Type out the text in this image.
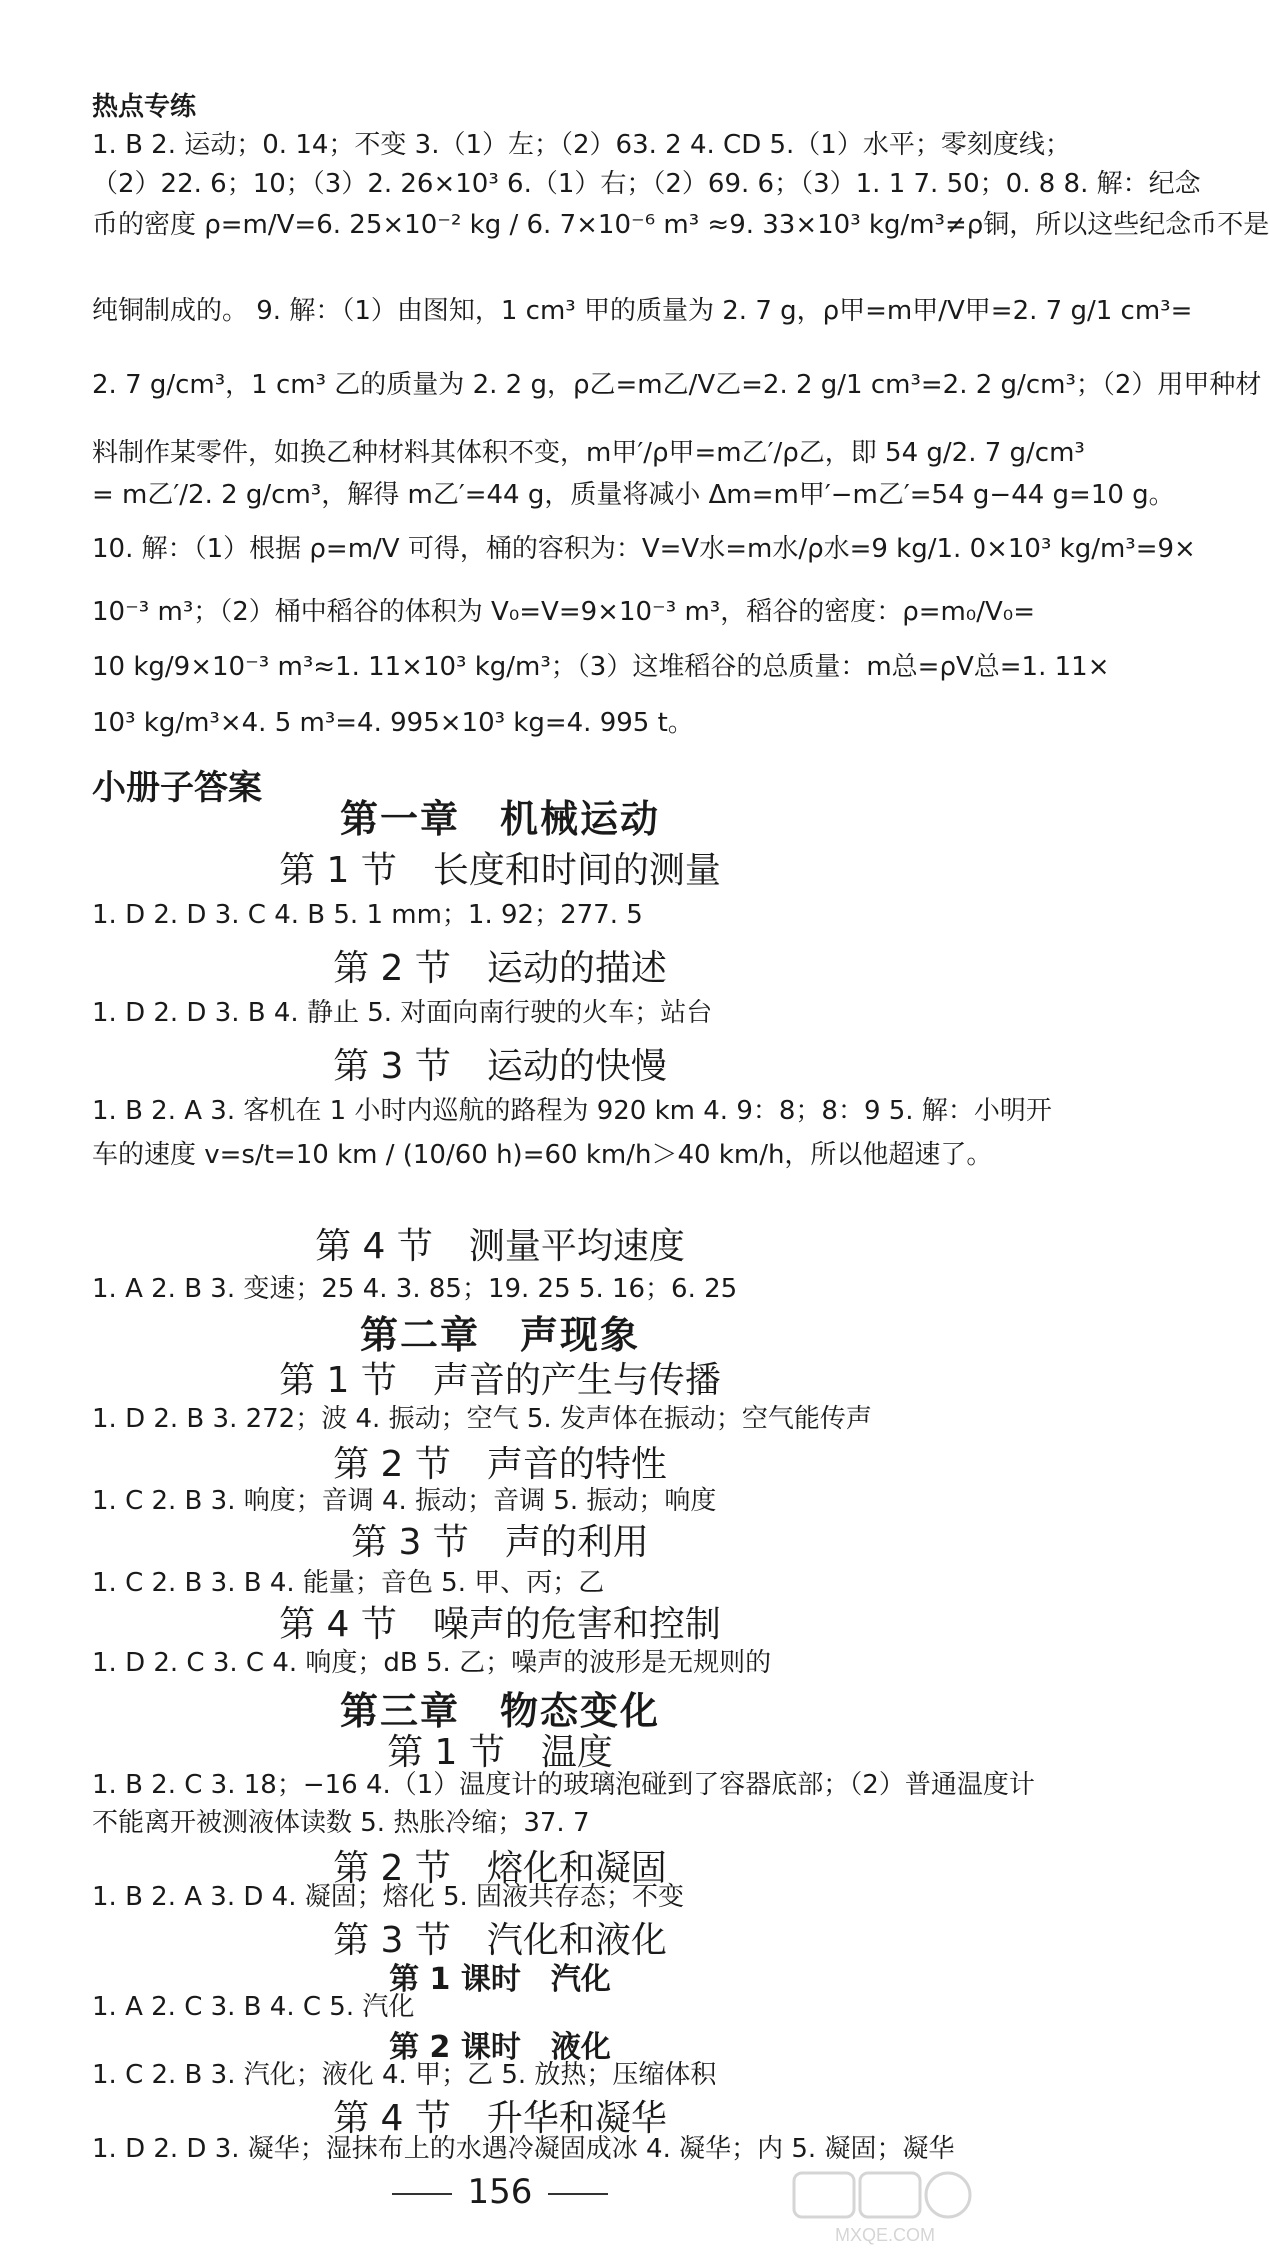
热点专练
1. B 2. 运动；0. 14；不变 3.（1）左；（2）63. 2 4. CD 5.（1）水平；零刻度线；
（2）22. 6；10；（3）2. 26×10³ 6.（1）右；（2）69. 6；（3）1. 1 7. 50；0. 8 8. 解：纪念
币的密度 ρ=m/V=6. 25×10⁻² kg / 6. 7×10⁻⁶ m³ ≈9. 33×10³ kg/m³≠ρ铜，所以这些纪念币不是
纯铜制成的。 9. 解：（1）由图知，1 cm³ 甲的质量为 2. 7 g，ρ甲=m甲/V甲=2. 7 g/1 cm³=
2. 7 g/cm³，1 cm³ 乙的质量为 2. 2 g，ρ乙=m乙/V乙=2. 2 g/1 cm³=2. 2 g/cm³；（2）用甲种材
料制作某零件，如换乙种材料其体积不变，m甲′/ρ甲=m乙′/ρ乙，即 54 g/2. 7 g/cm³
= m乙′/2. 2 g/cm³，解得 m乙′=44 g，质量将减小 Δm=m甲′−m乙′=54 g−44 g=10 g。
10. 解：（1）根据 ρ=m/V 可得，桶的容积为：V=V水=m水/ρ水=9 kg/1. 0×10³ kg/m³=9×
10⁻³ m³；（2）桶中稻谷的体积为 V₀=V=9×10⁻³ m³，稻谷的密度：ρ=m₀/V₀=
10 kg/9×10⁻³ m³≈1. 11×10³ kg/m³；（3）这堆稻谷的总质量：m总=ρV总=1. 11×
10³ kg/m³×4. 5 m³=4. 995×10³ kg=4. 995 t。
小册子答案
第一章　机械运动
第 1 节　长度和时间的测量
1. D 2. D 3. C 4. B 5. 1 mm；1. 92；277. 5
第 2 节　运动的描述
1. D 2. D 3. B 4. 静止 5. 对面向南行驶的火车；站台
第 3 节　运动的快慢
1. B 2. A 3. 客机在 1 小时内巡航的路程为 920 km 4. 9：8；8：9 5. 解：小明开
车的速度 v=s/t=10 km / (10/60 h)=60 km/h＞40 km/h，所以他超速了。
第 4 节　测量平均速度
1. A 2. B 3. 变速；25 4. 3. 85；19. 25 5. 16；6. 25
第二章　声现象
第 1 节　声音的产生与传播
1. D 2. B 3. 272；波 4. 振动；空气 5. 发声体在振动；空气能传声
第 2 节　声音的特性
1. C 2. B 3. 响度；音调 4. 振动；音调 5. 振动；响度
第 3 节　声的利用
1. C 2. B 3. B 4. 能量；音色 5. 甲、丙；乙
第 4 节　噪声的危害和控制
1. D 2. C 3. C 4. 响度；dB 5. 乙；噪声的波形是无规则的
第三章　物态变化
第 1 节　温度
1. B 2. C 3. 18；−16 4.（1）温度计的玻璃泡碰到了容器底部；（2）普通温度计
不能离开被测液体读数 5. 热胀冷缩；37. 7
第 2 节　熔化和凝固
1. B 2. A 3. D 4. 凝固；熔化 5. 固液共存态；不变
第 3 节　汽化和液化
第 1 课时　汽化
1. A 2. C 3. B 4. C 5. 汽化
第 2 课时　液化
1. C 2. B 3. 汽化；液化 4. 甲；乙 5. 放热；压缩体积
第 4 节　升华和凝华
1. D 2. D 3. 凝华；湿抹布上的水遇冷凝固成冰 4. 凝华；内 5. 凝固；凝华
156
MXQE.COM
